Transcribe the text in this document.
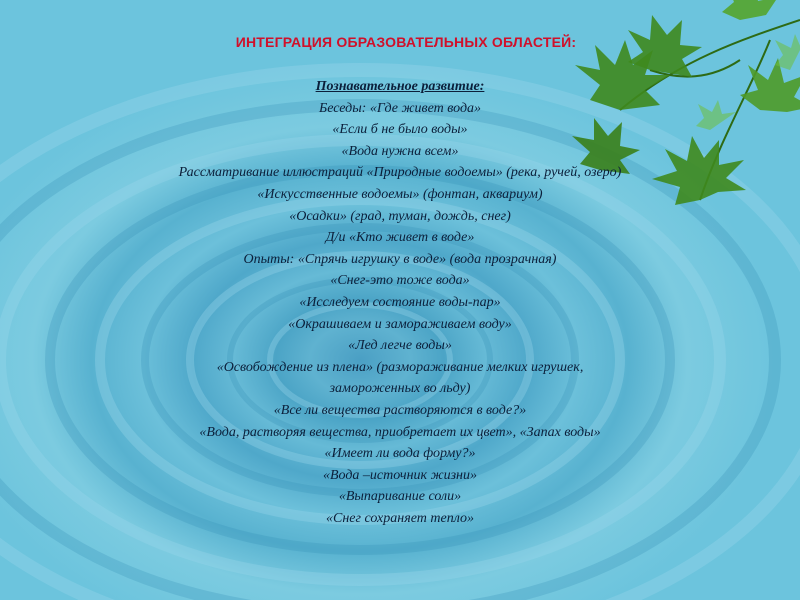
ИНТЕГРАЦИЯ ОБРАЗОВАТЕЛЬНЫХ ОБЛАСТЕЙ:

Познавательное развитие:

Беседы: «Где живет вода»

«Если б не было воды»

«Вода нужна всем»

Рассматривание иллюстраций «Природные водоемы» (река, ручей, озеро)

«Искусственные водоемы» (фонтан, аквариум)

«Осадки» (град, туман, дождь, снег)

Д/и «Кто живет в воде»

Опыты: «Спрячь игрушку в воде» (вода прозрачная)

«Снег-это тоже вода»

«Исследуем состояние воды-пар»

«Окрашиваем и замораживаем воду»

«Лед легче воды»

«Освобождение из плена» (размораживание мелких игрушек,

замороженных во льду)

«Все ли вещества растворяются в воде?»

«Вода, растворяя вещества, приобретает их цвет», «Запах воды»

«Имеет ли вода форму?»

«Вода –источник жизни»

«Выпаривание соли»

«Снег сохраняет тепло»
